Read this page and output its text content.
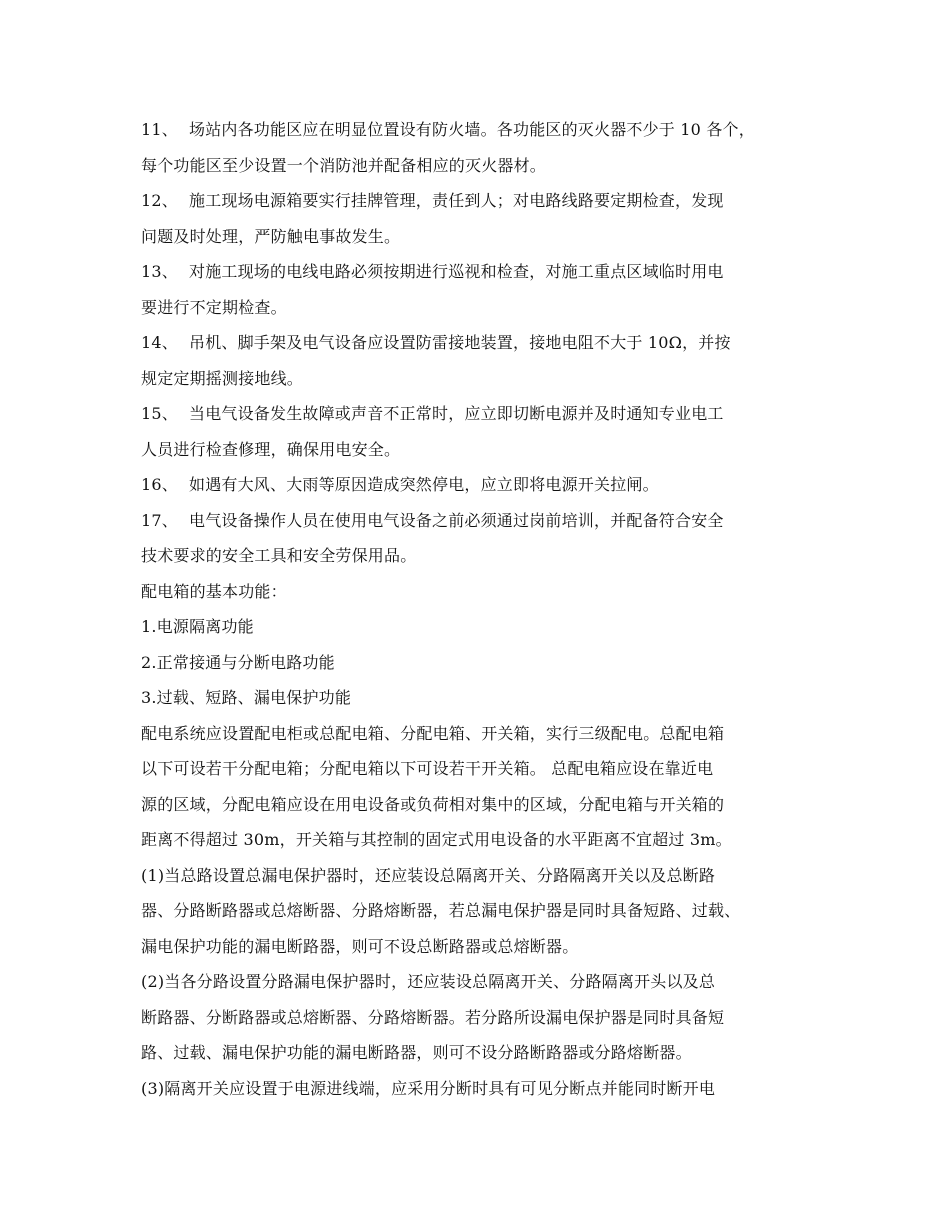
11、 场站内各功能区应在明显位置设有防火墙。各功能区的灭火器不少于 10 各个，
每个功能区至少设置一个消防池并配备相应的灭火器材。
12、 施工现场电源箱要实行挂牌管理，责任到人；对电路线路要定期检查，发现
问题及时处理，严防触电事故发生。
13、 对施工现场的电线电路必须按期进行巡视和检查，对施工重点区域临时用电
要进行不定期检查。
14、 吊机、脚手架及电气设备应设置防雷接地装置，接地电阻不大于 10Ω，并按
规定定期摇测接地线。
15、 当电气设备发生故障或声音不正常时，应立即切断电源并及时通知专业电工
人员进行检查修理，确保用电安全。
16、 如遇有大风、大雨等原因造成突然停电，应立即将电源开关拉闸。
17、 电气设备操作人员在使用电气设备之前必须通过岗前培训，并配备符合安全
技术要求的安全工具和安全劳保用品。
配电箱的基本功能：
1.电源隔离功能
2.正常接通与分断电路功能
3.过载、短路、漏电保护功能
配电系统应设置配电柜或总配电箱、分配电箱、开关箱，实行三级配电。总配电箱
以下可设若干分配电箱；分配电箱以下可设若干开关箱。 总配电箱应设在靠近电
源的区域，分配电箱应设在用电设备或负荷相对集中的区域，分配电箱与开关箱的
距离不得超过 30m，开关箱与其控制的固定式用电设备的水平距离不宜超过 3m。
(1)当总路设置总漏电保护器时，还应装设总隔离开关、分路隔离开关以及总断路
器、分路断路器或总熔断器、分路熔断器，若总漏电保护器是同时具备短路、过载、
漏电保护功能的漏电断路器，则可不设总断路器或总熔断器。
(2)当各分路设置分路漏电保护器时，还应装设总隔离开关、分路隔离开头以及总
断路器、分断路器或总熔断器、分路熔断器。若分路所设漏电保护器是同时具备短
路、过载、漏电保护功能的漏电断路器，则可不设分路断路器或分路熔断器。
(3)隔离开关应设置于电源进线端，应采用分断时具有可见分断点并能同时断开电
